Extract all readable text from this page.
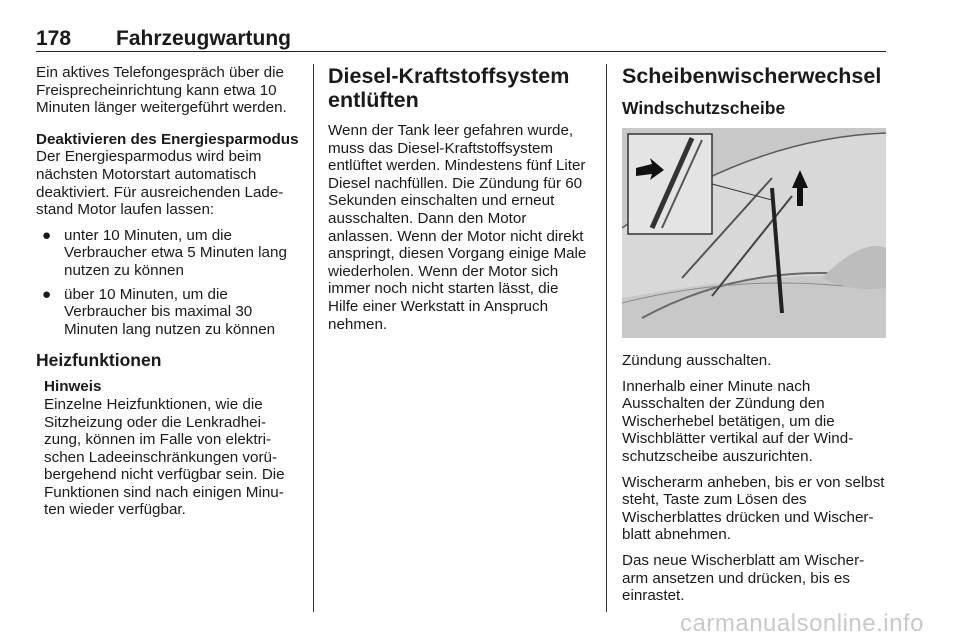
178 Fahrzeugwartung

Ein aktives Telefongespräch über die Freisprecheinrichtung kann etwa 10 Minuten länger weitergeführt werden.

Deaktivieren des Energiesparmodus

Der Energiesparmodus wird beim nächsten Motorstart automatisch deaktiviert. Für ausreichenden Lade-stand Motor laufen lassen:

● unter 10 Minuten, um die Verbraucher etwa 5 Minuten lang nutzen zu können
● über 10 Minuten, um die Verbraucher bis maximal 30 Minuten lang nutzen zu können
Heizfunktionen
Hinweis
Einzelne Heizfunktionen, wie die Sitzheizung oder die Lenkradhei-zung, können im Falle von elektri-schen Ladeeinschränkungen vorü-bergehend nicht verfügbar sein. Die Funktionen sind nach einigen Minu-ten wieder verfügbar.
Diesel-Kraftstoffsystem entlüften

Wenn der Tank leer gefahren wurde, muss das Diesel-Kraftstoffsystem entlüftet werden. Mindestens fünf Liter Diesel nachfüllen. Die Zündung für 60 Sekunden einschalten und erneut ausschalten. Dann den Motor anlassen. Wenn der Motor nicht direkt anspringt, diesen Vorgang einige Male wiederholen. Wenn der Motor sich immer noch nicht starten lässt, die Hilfe einer Werkstatt in Anspruch nehmen.

Scheibenwischerwechsel
Windschutzscheibe

Zündung ausschalten.

Innerhalb einer Minute nach Ausschalten der Zündung den Wischerhebel betätigen, um die Wischblätter vertikal auf der Wind-schutzscheibe auszurichten.

Wischerarm anheben, bis er von selbst steht, Taste zum Lösen des Wischerblattes drücken und Wischer-blatt abnehmen.

Das neue Wischerblatt am Wischer-arm ansetzen und drücken, bis es einrastet.

carmanualsonline.info
